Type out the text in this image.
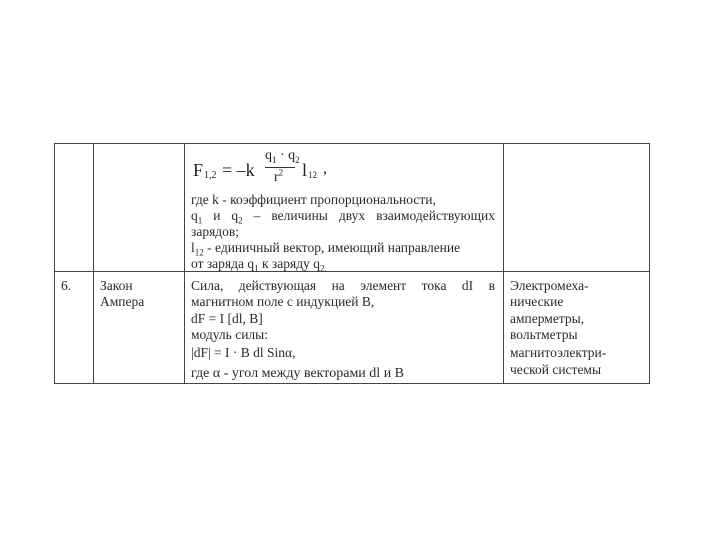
F 1,2 = –k
$q_1 \cdot q_2$
$r^2$ l 12 ,
где k - коэффициент пропорциональности,
$q_1$ и $q_2$ – величины двух взаимодействующих
зарядов;
$l_{12}$ - единичный вектор, имеющий направление
от заряда $q_1$ к заряду $q_{2.}$
6. Закон
Ампера
Сила, действующая на элемент тока dI в
магнитном поле с индукцией В,
dF = I [dl, B]
модуль силы:
|dF| = I · B dl Sinα,
где α - угол между векторами dl и B
Электромеха-
нические
амперметры,
вольтметры
магнитоэлектри-
ческой системы
